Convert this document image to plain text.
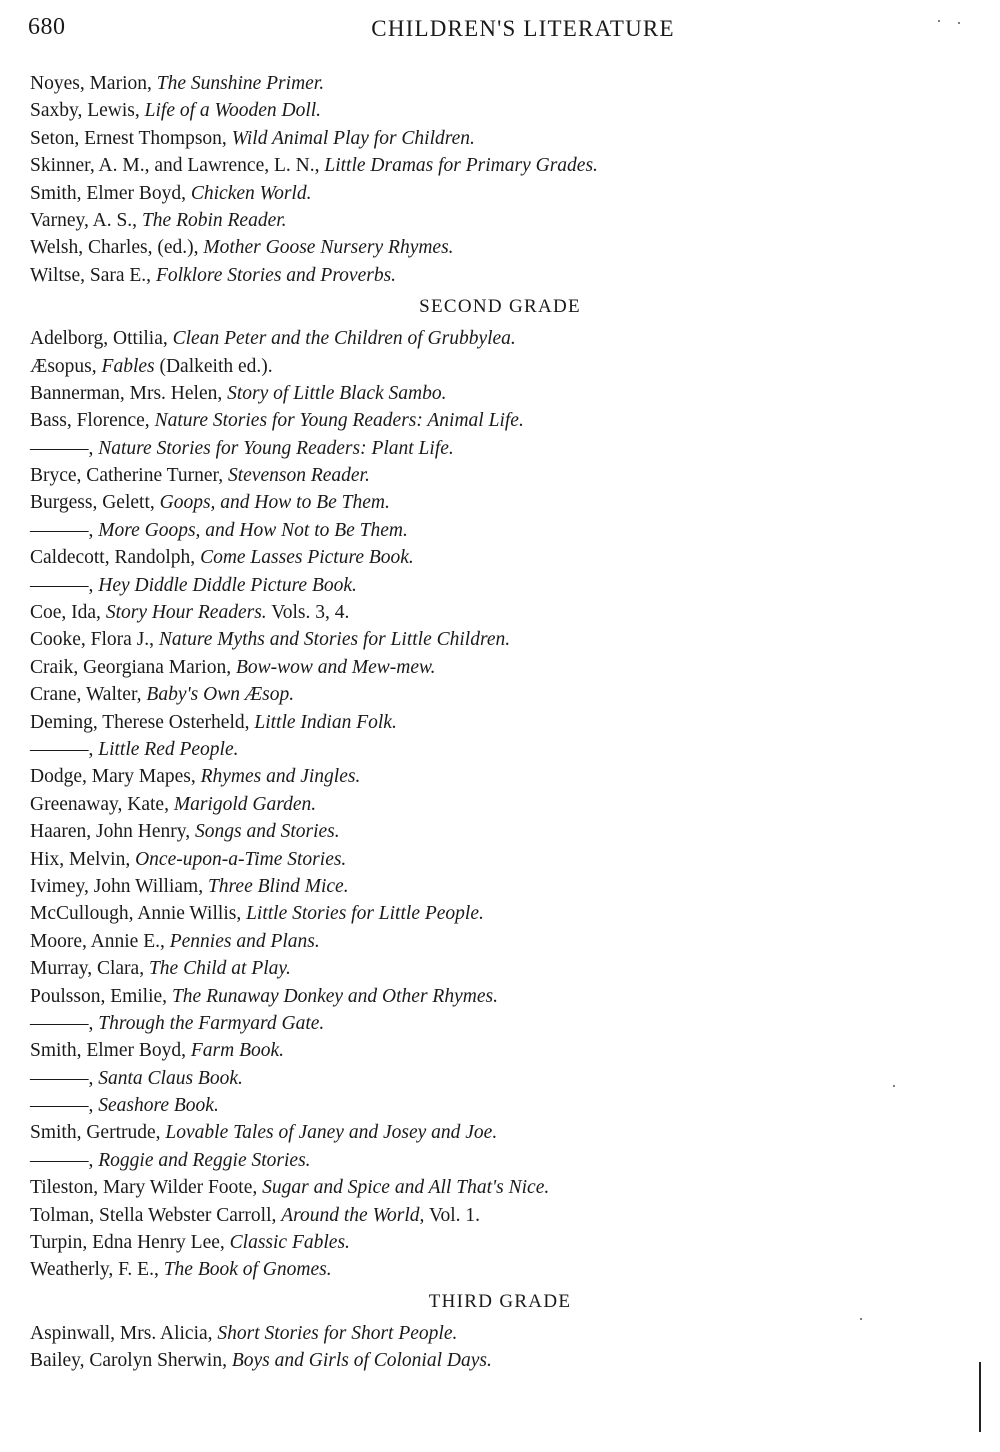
680	CHILDREN'S LITERATURE
Noyes, Marion, The Sunshine Primer.
Saxby, Lewis, Life of a Wooden Doll.
Seton, Ernest Thompson, Wild Animal Play for Children.
Skinner, A. M., and Lawrence, L. N., Little Dramas for Primary Grades.
Smith, Elmer Boyd, Chicken World.
Varney, A. S., The Robin Reader.
Welsh, Charles, (ed.), Mother Goose Nursery Rhymes.
Wiltse, Sara E., Folklore Stories and Proverbs.
SECOND GRADE
Adelborg, Ottilia, Clean Peter and the Children of Grubbylea.
Æsopus, Fables (Dalkeith ed.).
Bannerman, Mrs. Helen, Story of Little Black Sambo.
Bass, Florence, Nature Stories for Young Readers: Animal Life.
———, Nature Stories for Young Readers: Plant Life.
Bryce, Catherine Turner, Stevenson Reader.
Burgess, Gelett, Goops, and How to Be Them.
———, More Goops, and How Not to Be Them.
Caldecott, Randolph, Come Lasses Picture Book.
———, Hey Diddle Diddle Picture Book.
Coe, Ida, Story Hour Readers. Vols. 3, 4.
Cooke, Flora J., Nature Myths and Stories for Little Children.
Craik, Georgiana Marion, Bow-wow and Mew-mew.
Crane, Walter, Baby's Own Æsop.
Deming, Therese Osterheld, Little Indian Folk.
———, Little Red People.
Dodge, Mary Mapes, Rhymes and Jingles.
Greenaway, Kate, Marigold Garden.
Haaren, John Henry, Songs and Stories.
Hix, Melvin, Once-upon-a-Time Stories.
Ivimey, John William, Three Blind Mice.
McCullough, Annie Willis, Little Stories for Little People.
Moore, Annie E., Pennies and Plans.
Murray, Clara, The Child at Play.
Poulsson, Emilie, The Runaway Donkey and Other Rhymes.
———, Through the Farmyard Gate.
Smith, Elmer Boyd, Farm Book.
———, Santa Claus Book.
———, Seashore Book.
Smith, Gertrude, Lovable Tales of Janey and Josey and Joe.
———, Roggie and Reggie Stories.
Tileston, Mary Wilder Foote, Sugar and Spice and All That's Nice.
Tolman, Stella Webster Carroll, Around the World, Vol. 1.
Turpin, Edna Henry Lee, Classic Fables.
Weatherly, F. E., The Book of Gnomes.
THIRD GRADE
Aspinwall, Mrs. Alicia, Short Stories for Short People.
Bailey, Carolyn Sherwin, Boys and Girls of Colonial Days.
